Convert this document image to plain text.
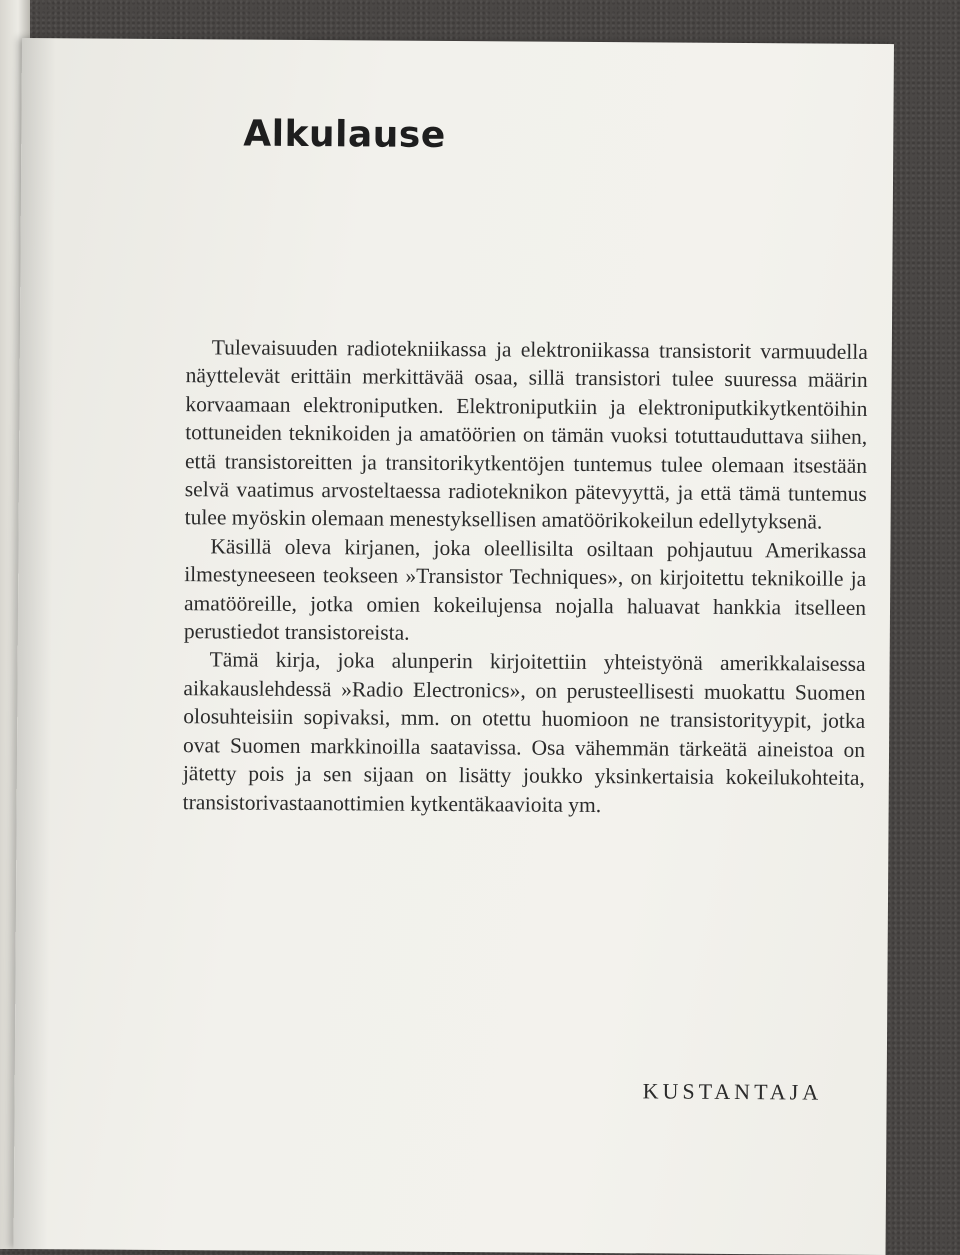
Alkulause

Tulevaisuuden radiotekniikassa ja elektroniikassa transistorit varmuudella näyttelevät erittäin merkittävää osaa, sillä transistori tulee suuressa määrin korvaamaan elektroniputken. Elektroniputkiin ja elektroniputkikytkentöihin tottuneiden teknikoiden ja amatöörien on tämän vuoksi totuttauduttava siihen, että transistoreitten ja transitorikytkentöjen tuntemus tulee olemaan itsestään selvä vaatimus arvosteltaessa radioteknikon pätevyyttä, ja että tämä tuntemus tulee myöskin olemaan menestyksellisen amatöörikokeilun edellytyksenä.

Käsillä oleva kirjanen, joka oleellisilta osiltaan pohjautuu Amerikassa ilmestyneeseen teokseen »Transistor Techniques», on kirjoitettu teknikoille ja amatööreille, jotka omien kokeilujensa nojalla haluavat hankkia itselleen perustiedot transistoreista.

Tämä kirja, joka alunperin kirjoitettiin yhteistyönä amerikkalaisessa aikakauslehdessä »Radio Electronics», on perusteellisesti muokattu Suomen olosuhteisiin sopivaksi, mm. on otettu huomioon ne transistorityypit, jotka ovat Suomen markkinoilla saatavissa. Osa vähemmän tärkeätä aineistoa on jätetty pois ja sen sijaan on lisätty joukko yksinkertaisia kokeilukohteita, transistorivastaanottimien kytkentäkaavioita ym.

KUSTANTAJA
